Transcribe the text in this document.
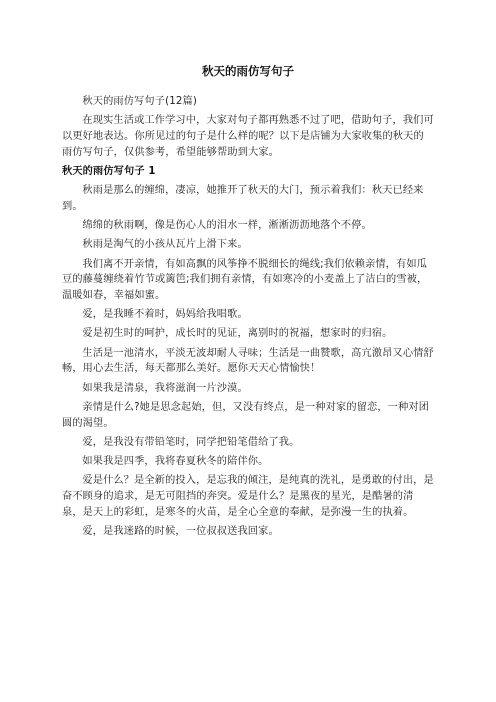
秋天的雨仿写句子

秋天的雨仿写句子(12篇)

在现实生活或工作学习中，大家对句子都再熟悉不过了吧，借助句子，我们可以更好地表达。你所见过的句子是什么样的呢？以下是店铺为大家收集的秋天的雨仿写句子，仅供参考，希望能够帮助到大家。

秋天的雨仿写句子 1

秋雨是那么的缠绵，凄凉，她推开了秋天的大门，预示着我们：秋天已经来到。

绵绵的秋雨啊，像是伤心人的泪水一样，淅淅沥沥地落个不停。

秋雨是淘气的小孩从瓦片上滑下来。

我们离不开亲情，有如高飘的风筝挣不脱细长的绳线;我们依赖亲情，有如瓜豆的藤蔓缠绕着竹节或篱笆;我们拥有亲情，有如寒冷的小麦盖上了洁白的雪被，温暖如春，幸福如蜜。

爱，是我睡不着时，妈妈给我唱歌。

爱是初生时的呵护，成长时的见证，离别时的祝福，想家时的归宿。

生活是一池清水，平淡无波却耐人寻味；生活是一曲赞歌，高亢激昂又心情舒畅，用心去生活，每天都那么美好。愿你天天心情愉快！

如果我是清泉，我将滋润一片沙漠。

亲情是什么?她是思念起始，但，又没有终点，是一种对家的留恋，一种对团圆的渴望。

爱，是我没有带铅笔时，同学把铅笔借给了我。

如果我是四季，我将春夏秋冬的陪伴你。

爱是什么？是全新的投入，是忘我的倾注，是纯真的洗礼，是勇敢的付出，是奋不顾身的追求，是无可阻挡的奔突。爱是什么？是黑夜的星光，是酷暑的清泉，是天上的彩虹，是寒冬的火苗，是全心全意的奉献，是弥漫一生的执着。

爱，是我迷路的时候，一位叔叔送我回家。
